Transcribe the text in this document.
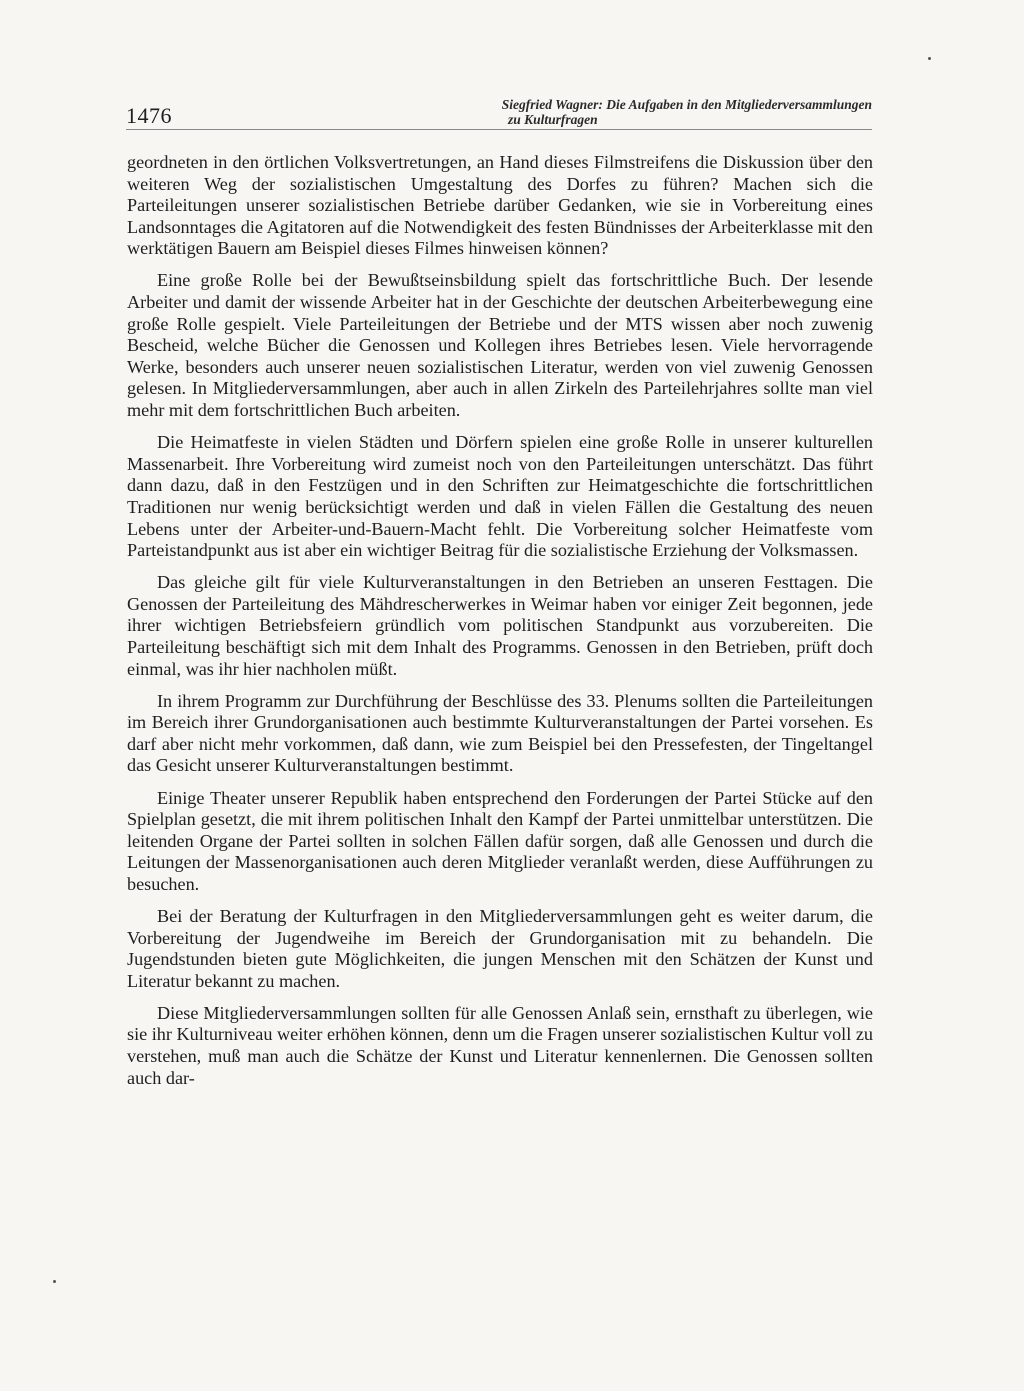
1476	Siegfried Wagner: Die Aufgaben in den Mitgliederversammlungen
zu Kulturfragen

geordneten in den örtlichen Volksvertretungen, an Hand dieses Filmstreifens die Diskussion über den weiteren Weg der sozialistischen Umgestaltung des Dorfes zu führen? Machen sich die Parteileitungen unserer sozialistischen Betriebe darüber Gedanken, wie sie in Vorbereitung eines Landsonntages die Agitatoren auf die Notwendigkeit des festen Bündnisses der Arbeiterklasse mit den werktätigen Bauern am Beispiel dieses Filmes hinweisen können?

Eine große Rolle bei der Bewußtseinsbildung spielt das fortschrittliche Buch. Der lesende Arbeiter und damit der wissende Arbeiter hat in der Geschichte der deutschen Arbeiterbewegung eine große Rolle gespielt. Viele Parteileitungen der Betriebe und der MTS wissen aber noch zuwenig Bescheid, welche Bücher die Genossen und Kollegen ihres Betriebes lesen. Viele hervorragende Werke, besonders auch unserer neuen sozialistischen Literatur, werden von viel zuwenig Genossen gelesen. In Mitgliederversammlungen, aber auch in allen Zirkeln des Parteilehrjahres sollte man viel mehr mit dem fortschrittlichen Buch arbeiten.

Die Heimatfeste in vielen Städten und Dörfern spielen eine große Rolle in unserer kulturellen Massenarbeit. Ihre Vorbereitung wird zumeist noch von den Parteileitungen unterschätzt. Das führt dann dazu, daß in den Festzügen und in den Schriften zur Heimatgeschichte die fortschrittlichen Traditionen nur wenig berücksichtigt werden und daß in vielen Fällen die Gestaltung des neuen Lebens unter der Arbeiter-und-Bauern-Macht fehlt. Die Vorbereitung solcher Heimatfeste vom Parteistandpunkt aus ist aber ein wichtiger Beitrag für die sozialistische Erziehung der Volksmassen.

Das gleiche gilt für viele Kulturveranstaltungen in den Betrieben an unseren Festtagen. Die Genossen der Parteileitung des Mähdrescherwerkes in Weimar haben vor einiger Zeit begonnen, jede ihrer wichtigen Betriebsfeiern gründlich vom politischen Standpunkt aus vorzubereiten. Die Parteileitung beschäftigt sich mit dem Inhalt des Programms. Genossen in den Betrieben, prüft doch einmal, was ihr hier nachholen müßt.

In ihrem Programm zur Durchführung der Beschlüsse des 33. Plenums sollten die Parteileitungen im Bereich ihrer Grundorganisationen auch bestimmte Kulturveranstaltungen der Partei vorsehen. Es darf aber nicht mehr vorkommen, daß dann, wie zum Beispiel bei den Pressefesten, der Tingeltangel das Gesicht unserer Kulturveranstaltungen bestimmt.

Einige Theater unserer Republik haben entsprechend den Forderungen der Partei Stücke auf den Spielplan gesetzt, die mit ihrem politischen Inhalt den Kampf der Partei unmittelbar unterstützen. Die leitenden Organe der Partei sollten in solchen Fällen dafür sorgen, daß alle Genossen und durch die Leitungen der Massenorganisationen auch deren Mitglieder veranlaßt werden, diese Aufführungen zu besuchen.

Bei der Beratung der Kulturfragen in den Mitgliederversammlungen geht es weiter darum, die Vorbereitung der Jugendweihe im Bereich der Grundorganisation mit zu behandeln. Die Jugendstunden bieten gute Möglichkeiten, die jungen Menschen mit den Schätzen der Kunst und Literatur bekannt zu machen.

Diese Mitgliederversammlungen sollten für alle Genossen Anlaß sein, ernsthaft zu überlegen, wie sie ihr Kulturniveau weiter erhöhen können, denn um die Fragen unserer sozialistischen Kultur voll zu verstehen, muß man auch die Schätze der Kunst und Literatur kennenlernen. Die Genossen sollten auch dar-
